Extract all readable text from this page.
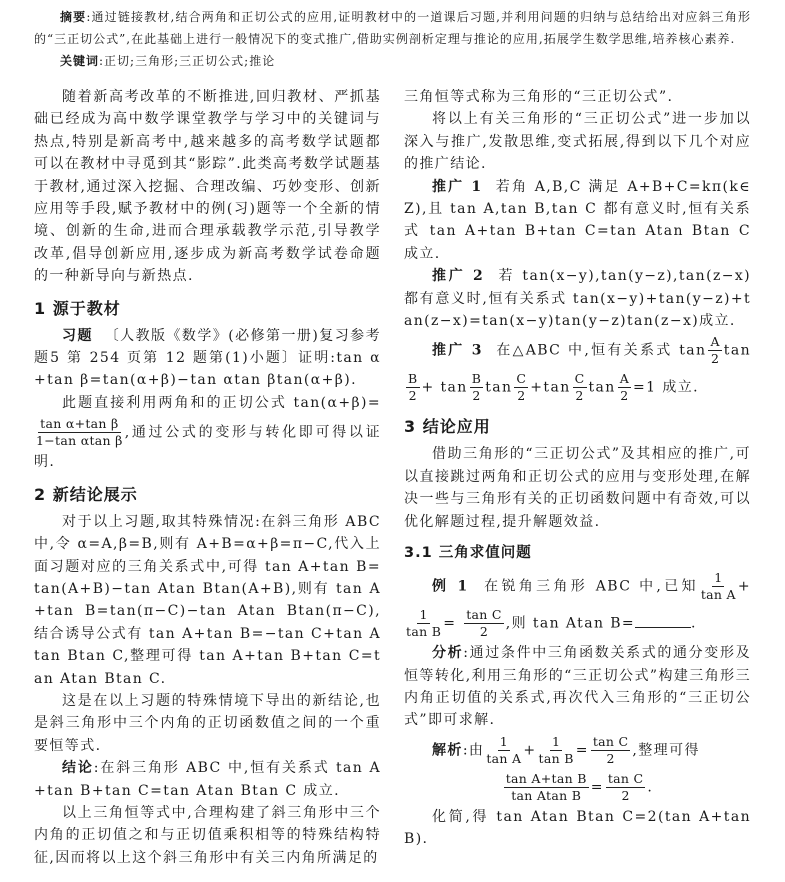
摘要:通过链接教材,结合两角和正切公式的应用,证明教材中的一道课后习题,并利用问题的归纳与总结给出对应斜三角形的“三正切公式”,在此基础上进行一般情况下的变式推广,借助实例剖析定理与推论的应用,拓展学生数学思维,培养核心素养.

关键词:正切;三角形;三正切公式;推论

随着新高考改革的不断推进,回归教材、严抓基础已经成为高中数学课堂教学与学习中的关键词与热点,特别是新高考中,越来越多的高考数学试题都可以在教材中寻觅到其“影踪”.此类高考数学试题基于教材,通过深入挖掘、合理改编、巧妙变形、创新应用等手段,赋予教材中的例(习)题等一个全新的情境、创新的生命,进而合理承载教学示范,引导教学改革,倡导创新应用,逐步成为新高考数学试卷命题的一种新导向与新热点.

1 源于教材

习题 〔人教版《数学》(必修第一册)复习参考题5 第 254 页第 12 题第(1)小题〕证明:tan α+tan β=tan(α+β)−tan αtan βtan(α+β).

此题直接利用两角和的正切公式 tan(α+β)=
$\frac{\text{tan α+tan β}}{\text{1−tan αtan β}}$ ,通过公式的变形与转化即可得以证明.

2 新结论展示

对于以上习题,取其特殊情况:在斜三角形 ABC 中,令 α=A,β=B,则有 A+B=α+β=π−C,代入上面习题对应的三角关系式中,可得 tan A+tan B=tan(A+B)−tan Atan Btan(A+B),则有 tan A+tan B=tan(π−C)−tan Atan Btan(π−C),结合诱导公式有 tan A+tan B=−tan C+tan Atan Btan C,整理可得 tan A+tan B+tan C=tan Atan Btan C.

这是在以上习题的特殊情境下导出的新结论,也是斜三角形中三个内角的正切函数值之间的一个重要恒等式.

结论:在斜三角形 ABC 中,恒有关系式 tan A+tan B+tan C=tan Atan Btan C 成立.

以上三角恒等式中,合理构建了斜三角形中三个内角的正切值之和与正切值乘积相等的特殊结构特征,因而将以上这个斜三角形中有关三内角所满足的

三角恒等式称为三角形的“三正切公式”.

将以上有关三角形的“三正切公式”进一步加以深入与推广,发散思维,变式拓展,得到以下几个对应的推广结论.

推广 1 若角 A,B,C 满足 A+B+C=kπ(k∈Z),且 tan A,tan B,tan C 都有意义时,恒有关系式 tan A+tan B+tan C=tan Atan Btan C 成立.

推广 2 若 tan(x−y),tan(y−z),tan(z−x)都有意义时,恒有关系式 tan(x−y)+tan(y−z)+tan(z−x)=tan(x−y)tan(y−z)tan(z−x)成立.

推广 3 在△ABC 中,恒有关系式 $\tan \frac{A}{2}$ tan
$\frac{B}{2} + \tan \frac{B}{2}$ $\tan \frac{C}{2} +\tan \frac{C}{2}$ $\tan \frac{A}{2} =1$ 成立.

3 结论应用

借助三角形的“三正切公式”及其相应的推广,可以直接跳过两角和正切公式的应用与变形处理,在解决一些与三角形有关的正切函数问题中有奇效,可以优化解题过程,提升解题效益.

3.1 三角求值问题

例 1 在锐角三角形 ABC 中,已知 $\frac{1}{\text{tan A}}$ +
$\frac{1}{\text{tan B}} = \frac{\text{tan C}}{2}$ ,则 tan Atan B=	.

分析:通过条件中三角函数关系式的通分变形及恒等转化,利用三角形的“三正切公式”构建三角形三内角正切值的关系式,再次代入三角形的“三正切公式”即可求解.

解析:由 $\frac{1}{\text{tan A}} + \frac{1}{\text{tan B}} = \frac{\text{tan C}}{2}$ ,整理可得

$\frac{\text{tan A+tan B}}{\text{tan Atan B}} = \frac{\text{tan C}}{2}$ .

化简,得 tan Atan Btan C=2(tan A+tan B).
